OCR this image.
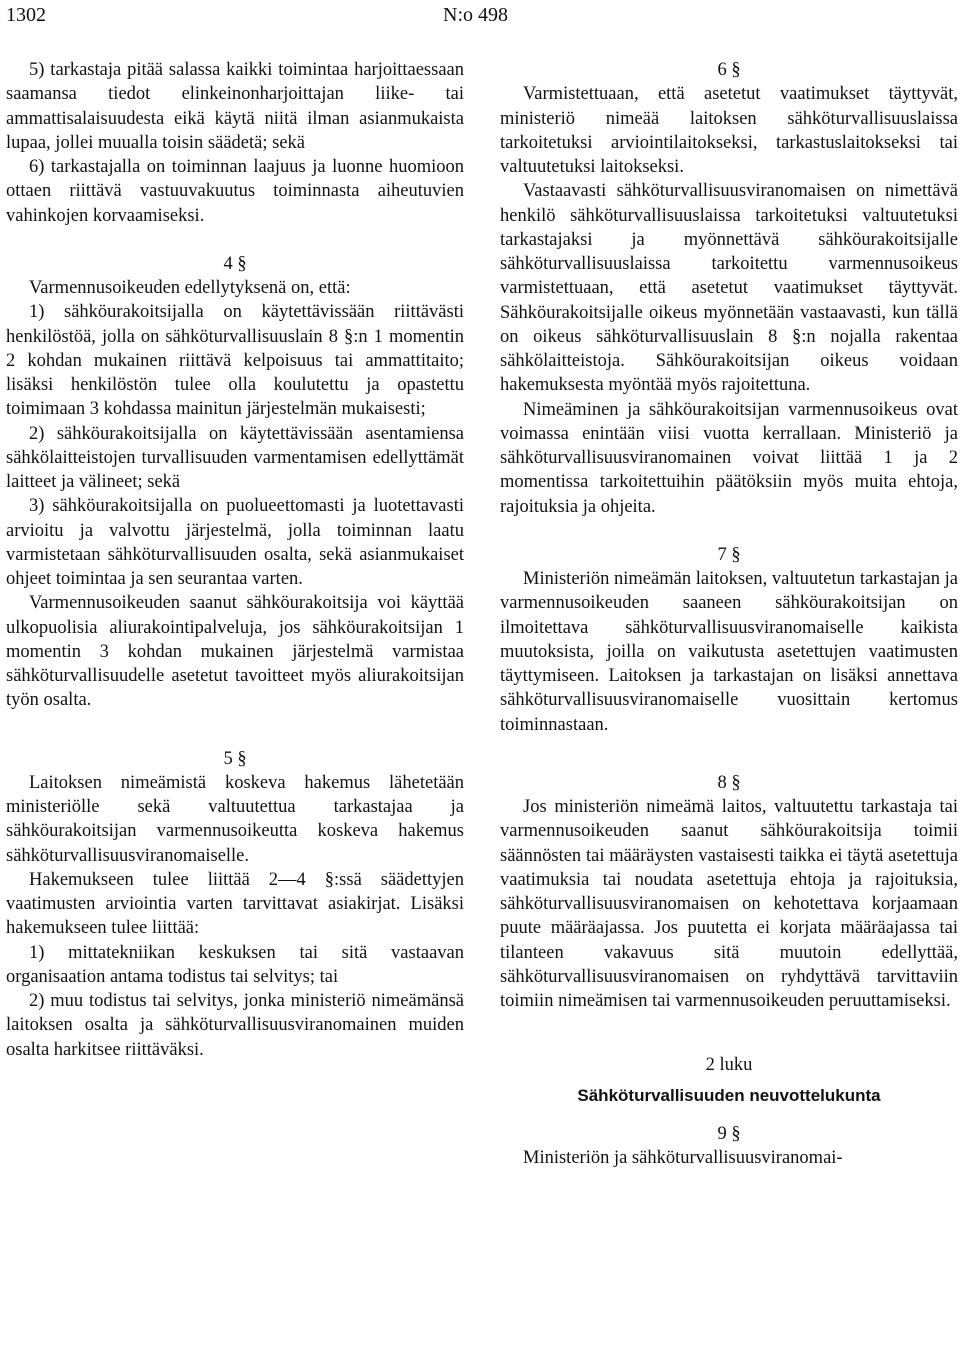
1302	N:o 498

5) tarkastaja pitää salassa kaikki toimintaa harjoittaessaan saamansa tiedot elinkeinonharjoittajan liike- tai ammattisalaisuudesta eikä käytä niitä ilman asianmukaista lupaa, jollei muualla toisin säädetä; sekä

6) tarkastajalla on toiminnan laajuus ja luonne huomioon ottaen riittävä vastuuvakuutus toiminnasta aiheutuvien vahinkojen korvaamiseksi.

4 §

Varmennusoikeuden edellytyksenä on, että:

1) sähköurakoitsijalla on käytettävissään riittävästi henkilöstöä, jolla on sähköturvallisuuslain 8 §:n 1 momentin 2 kohdan mukainen riittävä kelpoisuus tai ammattitaito; lisäksi henkilöstön tulee olla koulutettu ja opastettu toimimaan 3 kohdassa mainitun järjestelmän mukaisesti;

2) sähköurakoitsijalla on käytettävissään asentamiensa sähkölaitteistojen turvallisuuden varmentamisen edellyttämät laitteet ja välineet; sekä

3) sähköurakoitsijalla on puolueettomasti ja luotettavasti arvioitu ja valvottu järjestelmä, jolla toiminnan laatu varmistetaan sähköturvallisuuden osalta, sekä asianmukaiset ohjeet toimintaa ja sen seurantaa varten.

Varmennusoikeuden saanut sähköurakoitsija voi käyttää ulkopuolisia aliurakointipalveluja, jos sähköurakoitsijan 1 momentin 3 kohdan mukainen järjestelmä varmistaa sähköturvallisuudelle asetetut tavoitteet myös aliurakoitsijan työn osalta.

5 §

Laitoksen nimeämistä koskeva hakemus lähetetään ministeriölle sekä valtuutettua tarkastajaa ja sähköurakoitsijan varmennusoikeutta koskeva hakemus sähköturvallisuusviranomaiselle.

Hakemukseen tulee liittää 2—4 §:ssä säädettyjen vaatimusten arviointia varten tarvittavat asiakirjat. Lisäksi hakemukseen tulee liittää:

1) mittatekniikan keskuksen tai sitä vastaavan organisaation antama todistus tai selvitys; tai

2) muu todistus tai selvitys, jonka ministeriö nimeämänsä laitoksen osalta ja sähköturvallisuusviranomainen muiden osalta harkitsee riittäväksi.

6 §

Varmistettuaan, että asetetut vaatimukset täyttyvät, ministeriö nimeää laitoksen sähköturvallisuuslaissa tarkoitetuksi arviointilaitokseksi, tarkastuslaitokseksi tai valtuutetuksi laitokseksi.

Vastaavasti sähköturvallisuusviranomaisen on nimettävä henkilö sähköturvallisuuslaissa tarkoitetuksi valtuutetuksi tarkastajaksi ja myönnettävä sähköurakoitsijalle sähköturvallisuuslaissa tarkoitettu varmennusoikeus varmistettuaan, että asetetut vaatimukset täyttyvät. Sähköurakoitsijalle oikeus myönnetään vastaavasti, kun tällä on oikeus sähköturvallisuuslain 8 §:n nojalla rakentaa sähkölaitteistoja. Sähköurakoitsijan oikeus voidaan hakemuksesta myöntää myös rajoitettuna.

Nimeäminen ja sähköurakoitsijan varmennusoikeus ovat voimassa enintään viisi vuotta kerrallaan. Ministeriö ja sähköturvallisuusviranomainen voivat liittää 1 ja 2 momentissa tarkoitettuihin päätöksiin myös muita ehtoja, rajoituksia ja ohjeita.

7 §

Ministeriön nimeämän laitoksen, valtuutetun tarkastajan ja varmennusoikeuden saaneen sähköurakoitsijan on ilmoitettava sähköturvallisuusviranomaiselle kaikista muutoksista, joilla on vaikutusta asetettujen vaatimusten täyttymiseen. Laitoksen ja tarkastajan on lisäksi annettava sähköturvallisuusviranomaiselle vuosittain kertomus toiminnastaan.

8 §

Jos ministeriön nimeämä laitos, valtuutettu tarkastaja tai varmennusoikeuden saanut sähköurakoitsija toimii säännösten tai määräysten vastaisesti taikka ei täytä asetettuja vaatimuksia tai noudata asetettuja ehtoja ja rajoituksia, sähköturvallisuusviranomaisen on kehotettava korjaamaan puute määräajassa. Jos puutetta ei korjata määräajassa tai tilanteen vakavuus sitä muutoin edellyttää, sähköturvallisuusviranomaisen on ryhdyttävä tarvittaviin toimiin nimeämisen tai varmennusoikeuden peruuttamiseksi.

2 luku

Sähköturvallisuuden neuvottelukunta

9 §

Ministeriön ja sähköturvallisuusviranomai-
